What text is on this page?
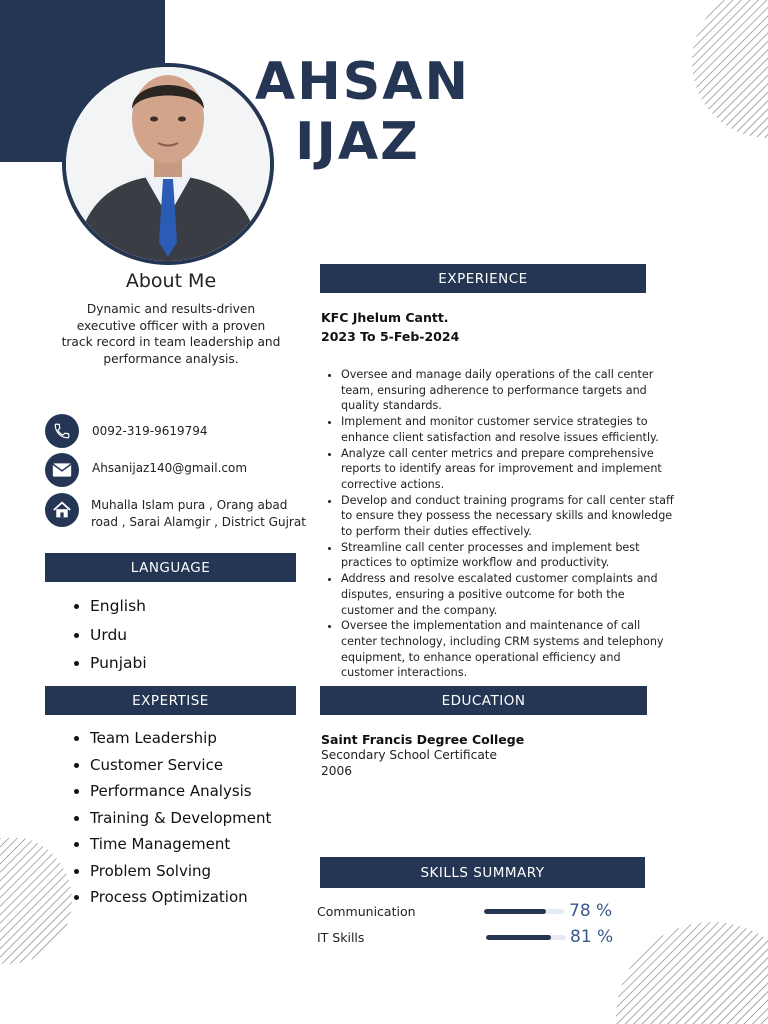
AHSAN
IJAZ
About Me
Dynamic and results-driven executive officer with a proven track record in team leadership and performance analysis.
0092-319-9619794
Ahsanijaz140@gmail.com
Muhalla Islam pura , Orang abad road , Sarai Alamgir , District Gujrat
LANGUAGE
• English
• Urdu
• Punjabi
EXPERTISE
• Team Leadership
• Customer Service
• Performance Analysis
• Training & Development
• Time Management
• Problem Solving
• Process Optimization
EXPERIENCE
KFC Jhelum Cantt.
2023 To 5-Feb-2024
• Oversee and manage daily operations of the call center team, ensuring adherence to performance targets and quality standards.
• Implement and monitor customer service strategies to enhance client satisfaction and resolve issues efficiently.
• Analyze call center metrics and prepare comprehensive reports to identify areas for improvement and implement corrective actions.
• Develop and conduct training programs for call center staff to ensure they possess the necessary skills and knowledge to perform their duties effectively.
• Streamline call center processes and implement best practices to optimize workflow and productivity.
• Address and resolve escalated customer complaints and disputes, ensuring a positive outcome for both the customer and the company.
• Oversee the implementation and maintenance of call center technology, including CRM systems and telephony equipment, to enhance operational efficiency and customer interactions.
EDUCATION
Saint Francis Degree College
Secondary School Certificate
2006
SKILLS SUMMARY
Communication	78 %
IT Skills	81 %
